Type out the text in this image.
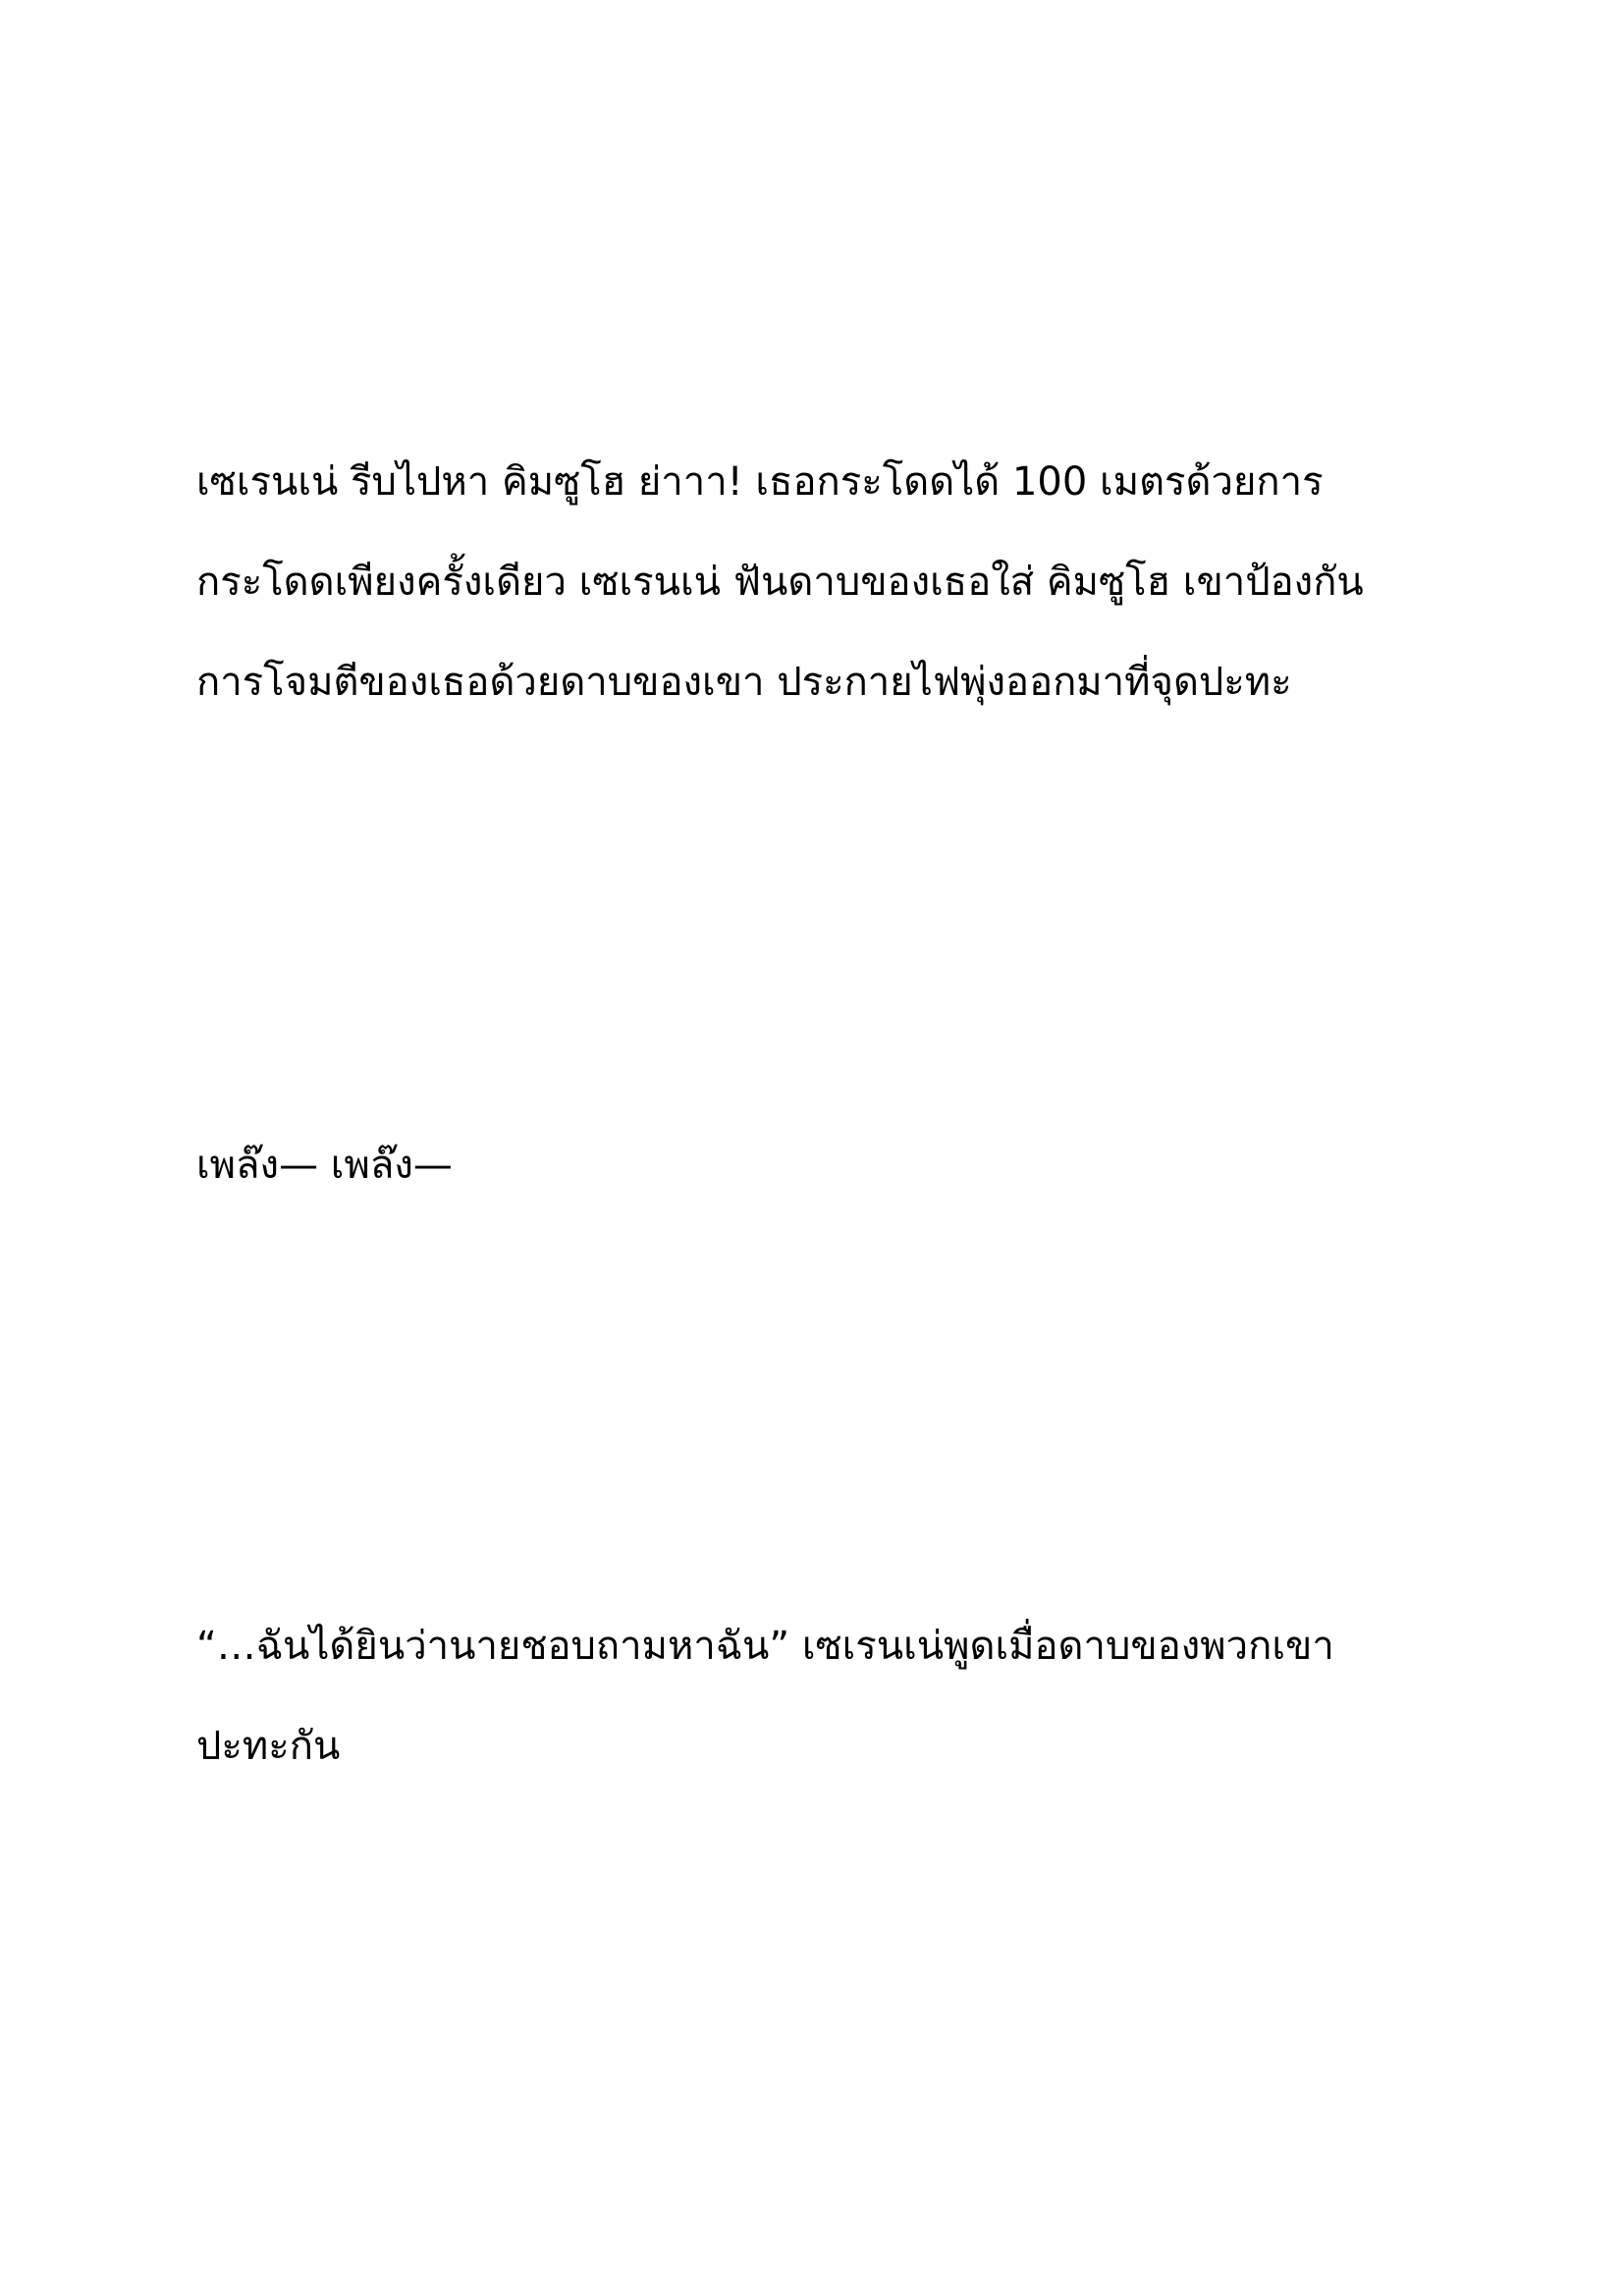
เซเรนเน่ รีบไปหา คิมซูโฮ ย่าาา! เธอกระโดดได้ 100 เมตรด้วยการ

กระโดดเพียงครั้งเดียว เซเรนเน่ ฟันดาบของเธอใส่ คิมซูโฮ เขาป้องกัน

การโจมตีของเธอด้วยดาบของเขา ประกายไฟพุ่งออกมาที่จุดปะทะ

เพล๊ง— เพล๊ง—

“…ฉันได้ยินว่านายชอบถามหาฉัน” เซเรนเน่พูดเมื่อดาบของพวกเขา

ปะทะกัน
